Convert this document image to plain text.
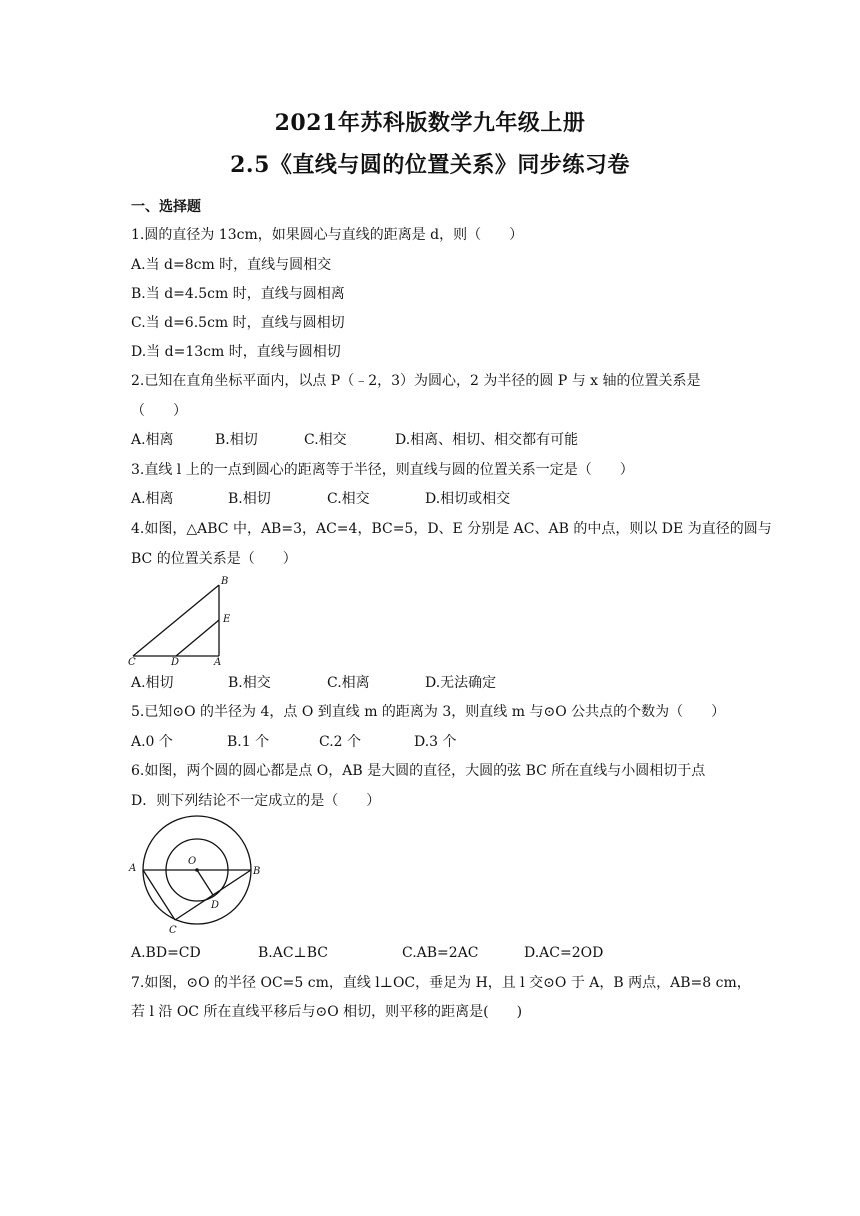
2021年苏科版数学九年级上册
2.5《直线与圆的位置关系》同步练习卷
一、选择题
1.圆的直径为 13cm，如果圆心与直线的距离是 d，则（　　）
A.当 d=8cm 时，直线与圆相交
B.当 d=4.5cm 时，直线与圆相离
C.当 d=6.5cm 时，直线与圆相切
D.当 d=13cm 时，直线与圆相切
2.已知在直角坐标平面内，以点 P（﹣2，3）为圆心，2 为半径的圆 P 与 x 轴的位置关系是
（　　）
A.相离	B.相切	C.相交	D.相离、相切、相交都有可能
3.直线 l 上的一点到圆心的距离等于半径，则直线与圆的位置关系一定是（　　）
A.相离	B.相切	C.相交	D.相切或相交
4.如图，△ABC 中，AB=3，AC=4，BC=5，D、E 分别是 AC、AB 的中点，则以 DE 为直径的圆与
BC 的位置关系是（　　）
B
E
C	D	A
A.相切	B.相交	C.相离	D.无法确定
5.已知⊙O 的半径为 4，点 O 到直线 m 的距离为 3，则直线 m 与⊙O 公共点的个数为（　　）
A.0 个	B.1 个	C.2 个	D.3 个
6.如图，两个圆的圆心都是点 O，AB 是大圆的直径，大圆的弦 BC 所在直线与小圆相切于点
D．则下列结论不一定成立的是（　　）
O
A	B
D
C
A.BD=CD	B.AC⊥BC	C.AB=2AC	D.AC=2OD
7.如图，⊙O 的半径 OC=5 cm，直线 l⊥OC，垂足为 H，且 l 交⊙O 于 A，B 两点，AB=8 cm，
若 l 沿 OC 所在直线平移后与⊙O 相切，则平移的距离是(　　)
